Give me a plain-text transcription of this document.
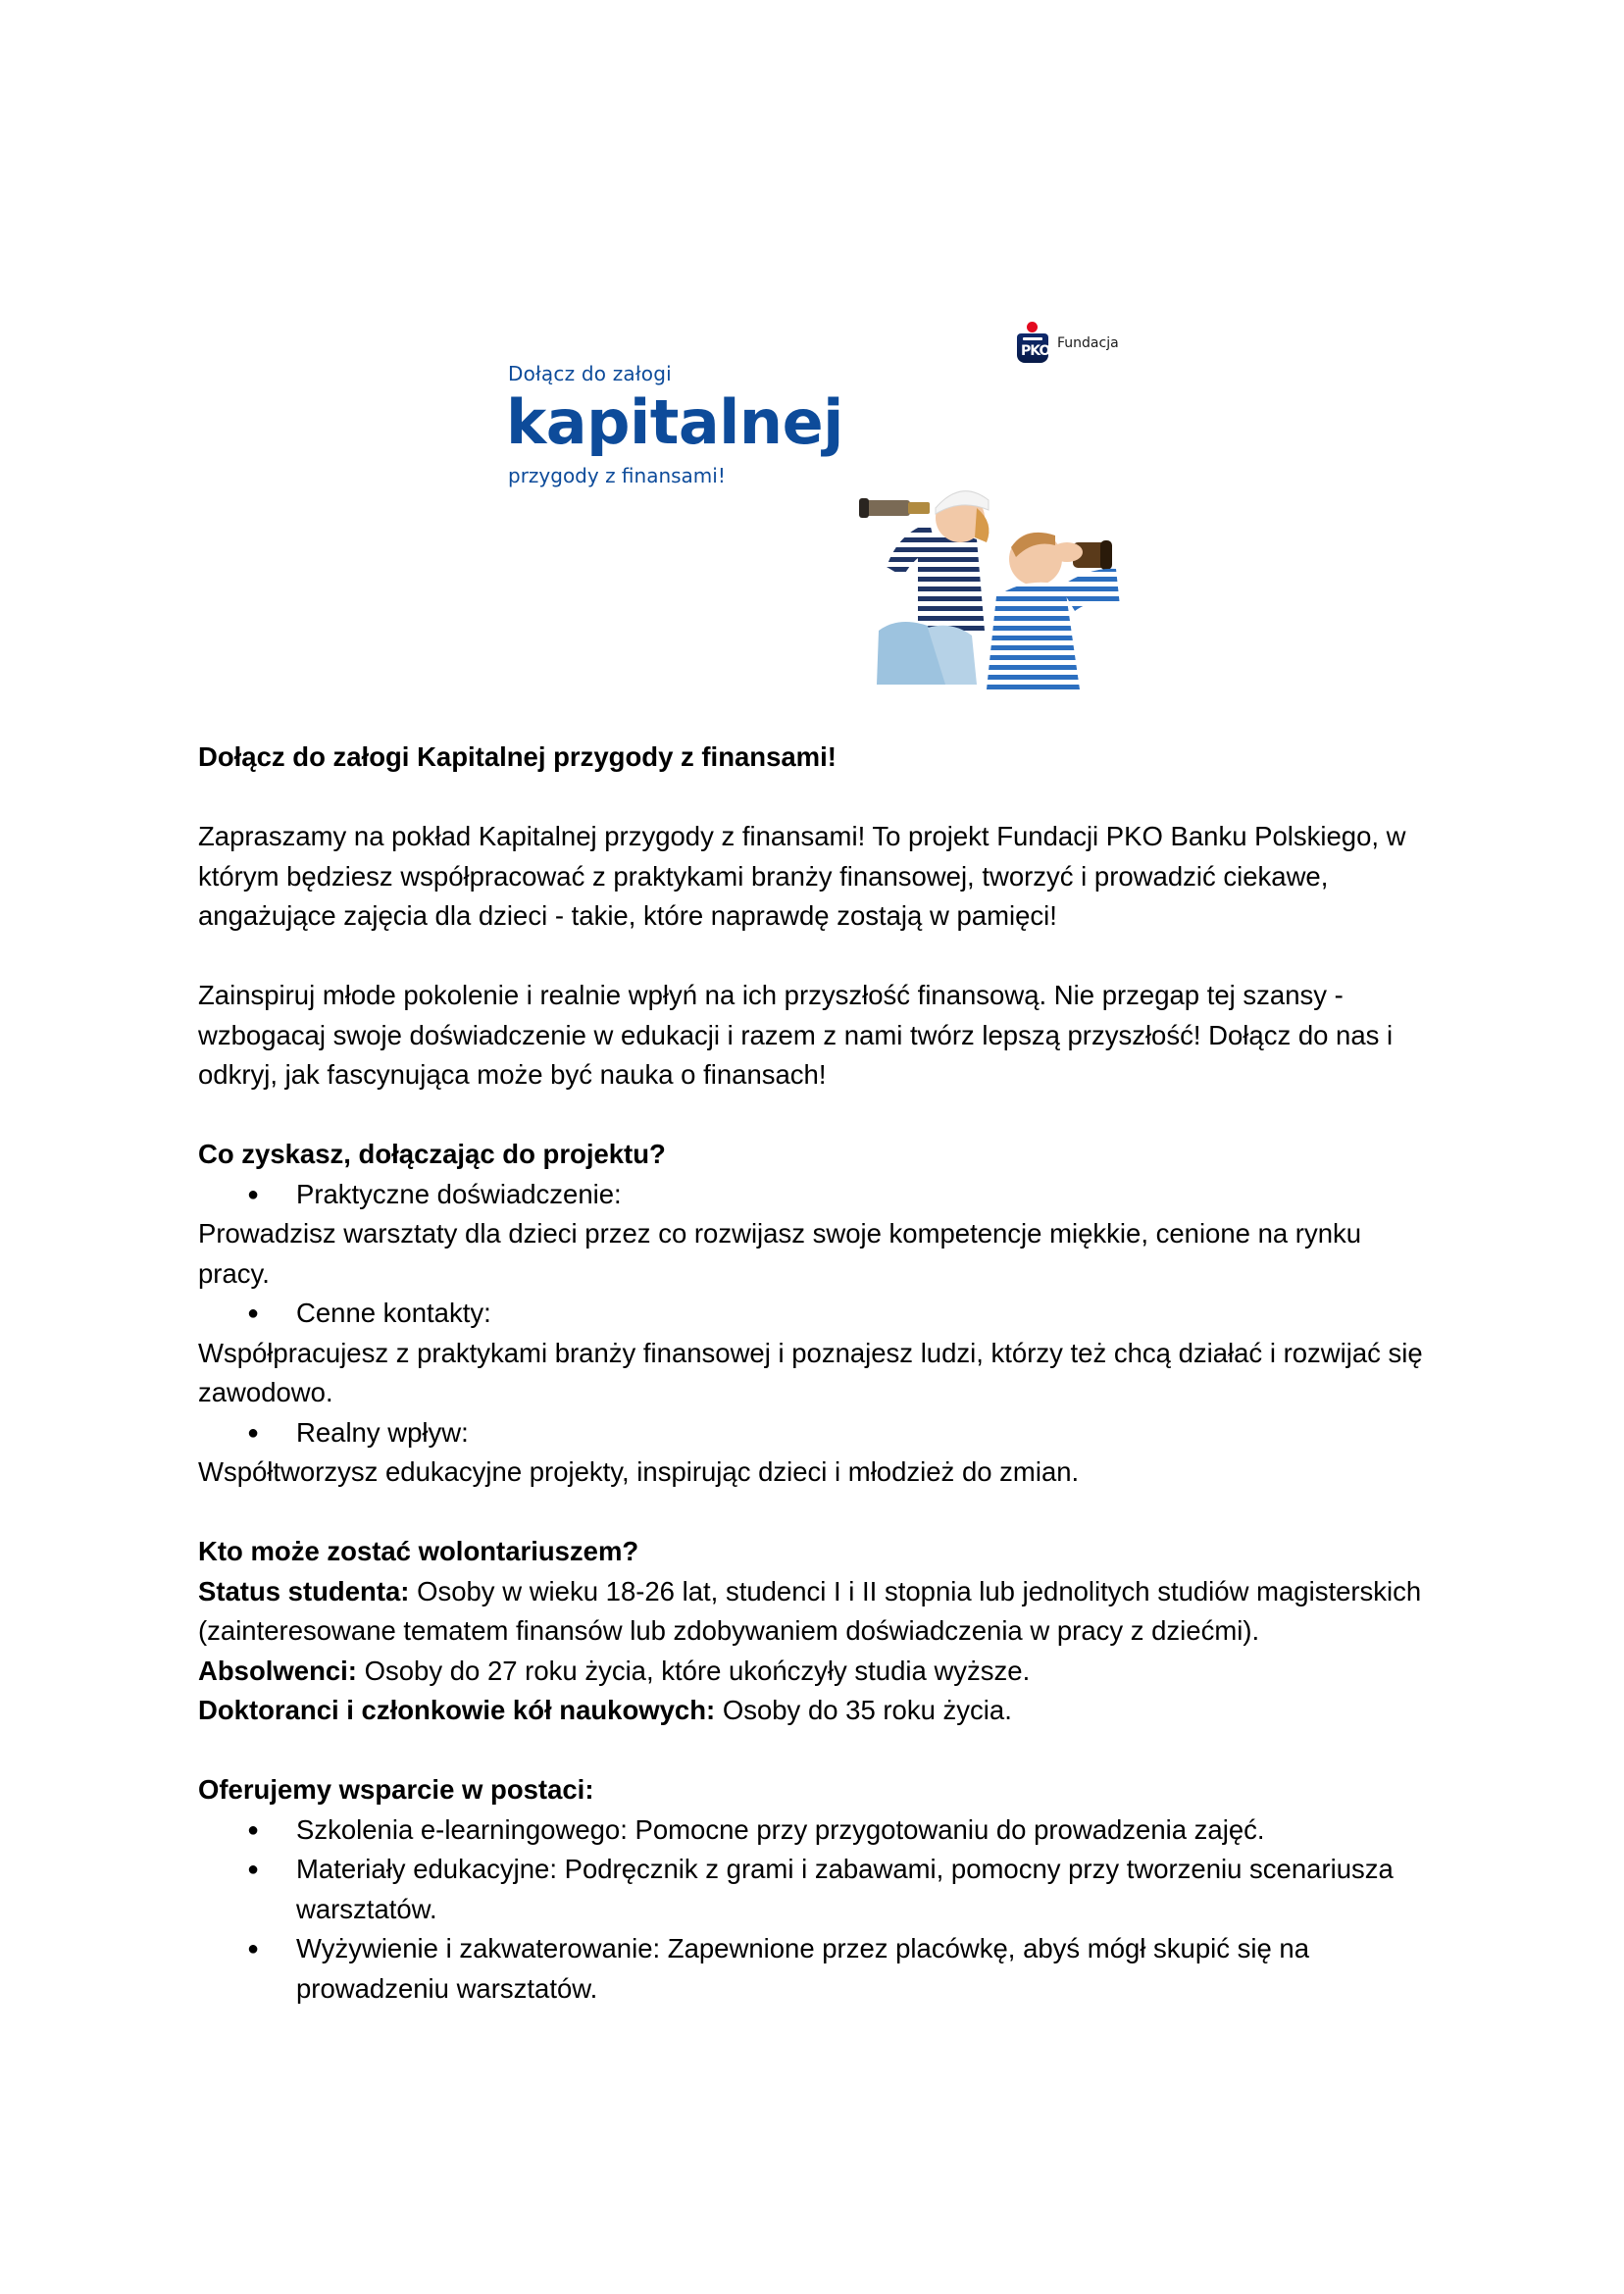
Dołącz do załogi

kapitalnej

przygody z finansami!

PKO Fundacja

Dołącz do załogi Kapitalnej przygody z finansami!

Zapraszamy na pokład Kapitalnej przygody z finansami! To projekt Fundacji PKO Banku Polskiego, w którym będziesz współpracować z praktykami branży finansowej, tworzyć i prowadzić ciekawe, angażujące zajęcia dla dzieci - takie, które naprawdę zostają w pamięci!

Zainspiruj młode pokolenie i realnie wpłyń na ich przyszłość finansową. Nie przegap tej szansy - wzbogacaj swoje doświadczenie w edukacji i razem z nami twórz lepszą przyszłość! Dołącz do nas i odkryj, jak fascynująca może być nauka o finansach!

Co zyskasz, dołączając do projektu?

●	Praktyczne doświadczenie:

Prowadzisz warsztaty dla dzieci przez co rozwijasz swoje kompetencje miękkie, cenione na rynku pracy.

●	Cenne kontakty:

Współpracujesz z praktykami branży finansowej i poznajesz ludzi, którzy też chcą działać i rozwijać się zawodowo.

●	Realny wpływ:

Współtworzysz edukacyjne projekty, inspirując dzieci i młodzież do zmian.

Kto może zostać wolontariuszem?

Status studenta: Osoby w wieku 18-26 lat, studenci I i II stopnia lub jednolitych studiów magisterskich (zainteresowane tematem finansów lub zdobywaniem doświadczenia w pracy z dziećmi).

Absolwenci: Osoby do 27 roku życia, które ukończyły studia wyższe.

Doktoranci i członkowie kół naukowych: Osoby do 35 roku życia.

Oferujemy wsparcie w postaci:

●	Szkolenia e-learningowego: Pomocne przy przygotowaniu do prowadzenia zajęć.
●	Materiały edukacyjne: Podręcznik z grami i zabawami, pomocny przy tworzeniu scenariusza warsztatów.
●	Wyżywienie i zakwaterowanie: Zapewnione przez placówkę, abyś mógł skupić się na prowadzeniu warsztatów.
